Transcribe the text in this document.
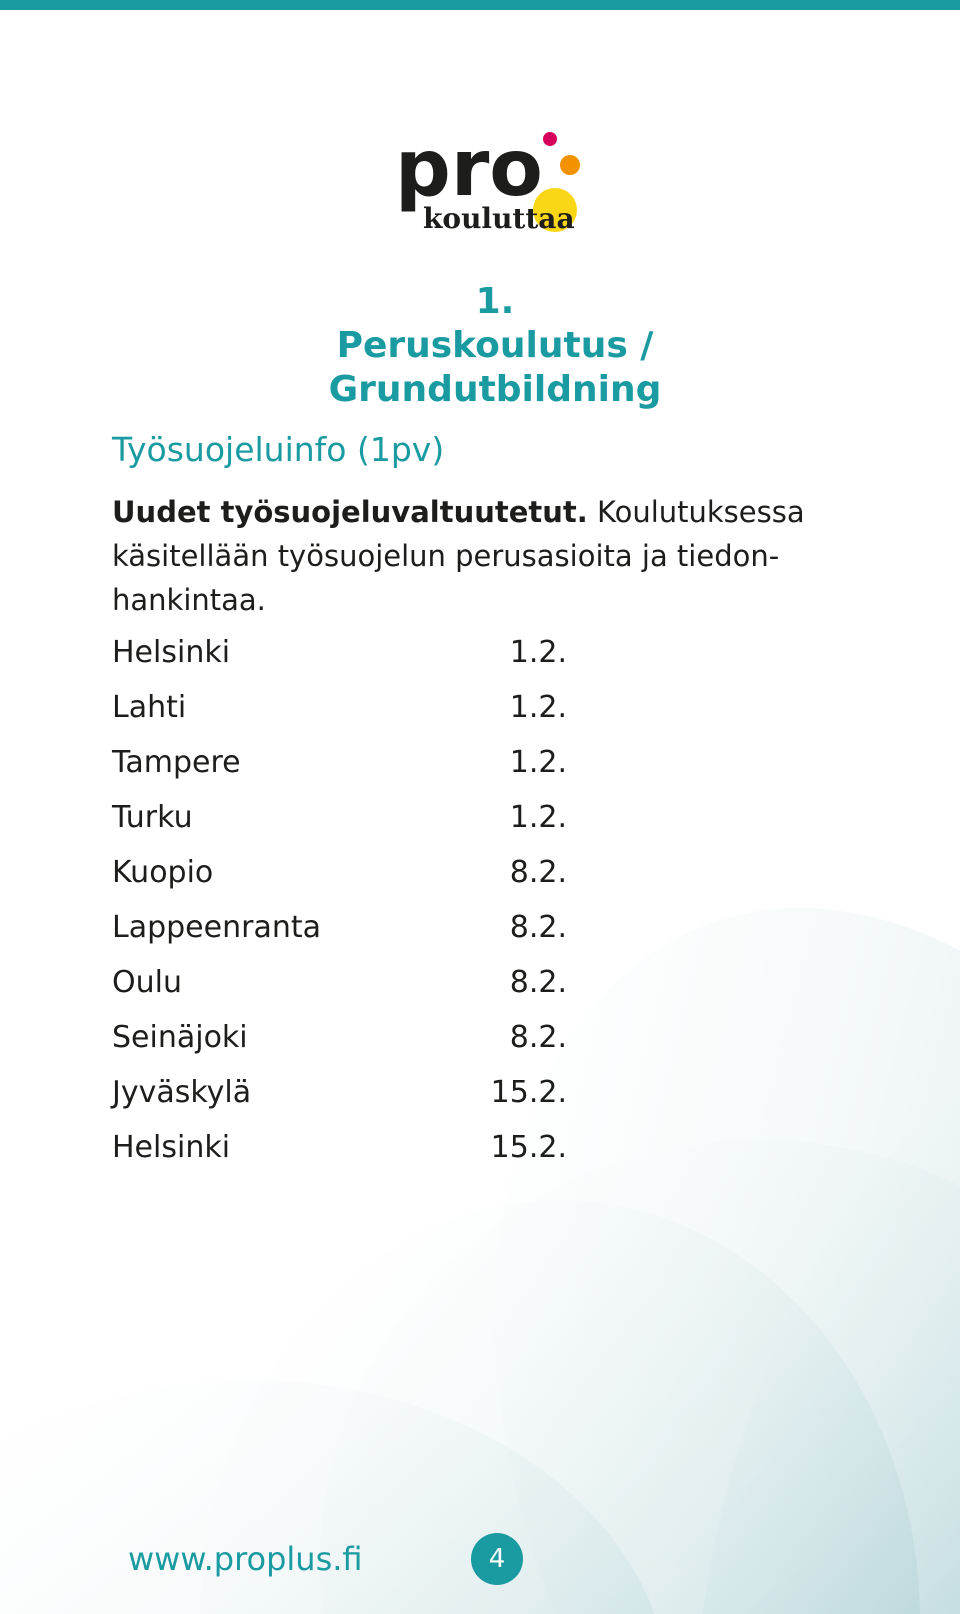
pro
kouluttaa
1.
Peruskoulutus /
Grundutbildning
Työsuojeluinfo (1pv)
Uudet työsuojeluvaltuutetut. Koulutuksessa
käsitellään työsuojelun perusasioita ja tiedon-
hankintaa.
Helsinki	1.2.
Lahti	1.2.
Tampere	1.2.
Turku	1.2.
Kuopio	8.2.
Lappeenranta	8.2.
Oulu	8.2.
Seinäjoki	8.2.
Jyväskylä	15.2.
Helsinki	15.2.
www.proplus.fi	4
